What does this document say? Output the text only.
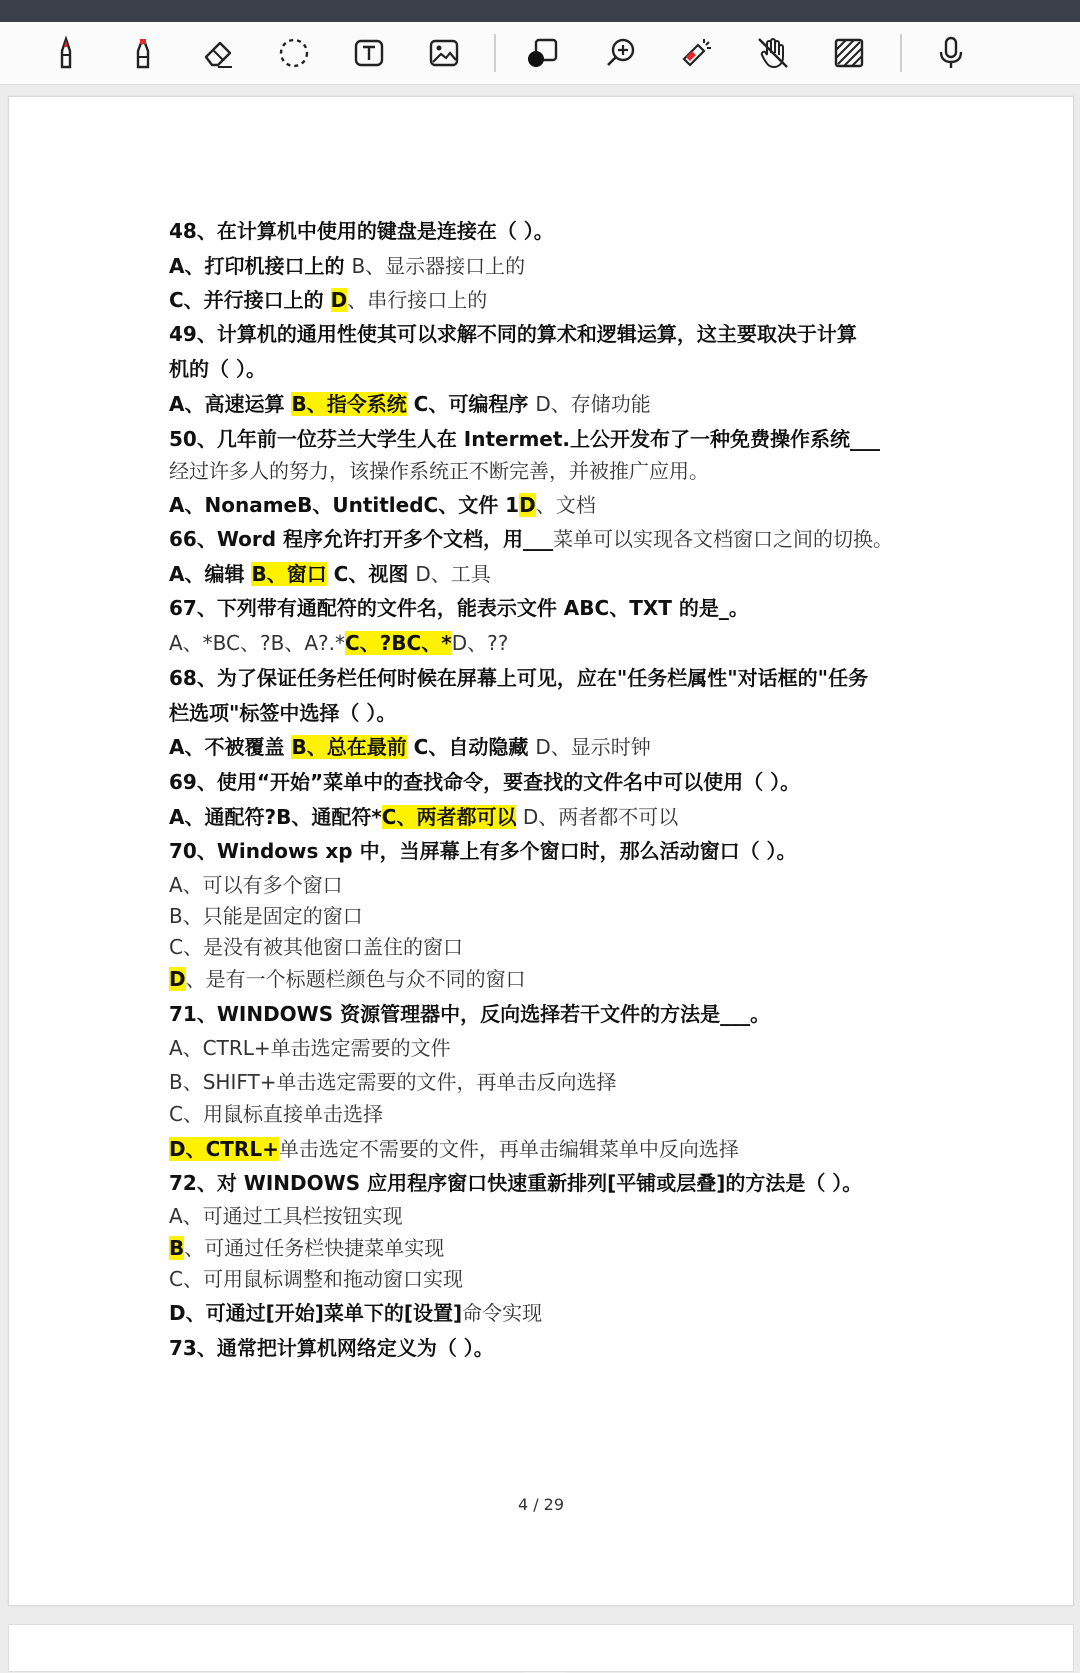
48、在计算机中使用的键盘是连接在（ ）。
A、打印机接口上的 B、显示器接口上的
C、并行接口上的 D、串行接口上的
49、计算机的通用性使其可以求解不同的算术和逻辑运算，这主要取决于计算
机的（ ）。
A、高速运算 B、指令系统 C、可编程序 D、存储功能
50、几年前一位芬兰大学生人在 Intermet.上公开发布了一种免费操作系统___
经过许多人的努力，该操作系统正不断完善，并被推广应用。
A、NonameB、UntitledC、文件 1D、文档
66、Word 程序允许打开多个文档，用___菜单可以实现各文档窗口之间的切换。
A、编辑 B、窗口 C、视图 D、工具
67、下列带有通配符的文件名，能表示文件 ABC、TXT 的是_。
A、*BC、?B、A?.*C、?BC、*D、??
68、为了保证任务栏任何时候在屏幕上可见，应在"任务栏属性"对话框的"任务
栏选项"标签中选择（ ）。
A、不被覆盖 B、总在最前 C、自动隐藏 D、显示时钟
69、使用“开始”菜单中的查找命令，要查找的文件名中可以使用（ ）。
A、通配符?B、通配符*C、两者都可以 D、两者都不可以
70、Windows xp 中，当屏幕上有多个窗口时，那么活动窗口（ ）。
A、可以有多个窗口
B、只能是固定的窗口
C、是没有被其他窗口盖住的窗口
D、是有一个标题栏颜色与众不同的窗口
71、WINDOWS 资源管理器中，反向选择若干文件的方法是___。
A、CTRL+单击选定需要的文件
B、SHIFT+单击选定需要的文件，再单击反向选择
C、用鼠标直接单击选择
D、CTRL+单击选定不需要的文件，再单击编辑菜单中反向选择
72、对 WINDOWS 应用程序窗口快速重新排列[平铺或层叠]的方法是（ ）。
A、可通过工具栏按钮实现
B、可通过任务栏快捷菜单实现
C、可用鼠标调整和拖动窗口实现
D、可通过[开始]菜单下的[设置]命令实现
73、通常把计算机网络定义为（ ）。
4 / 29
